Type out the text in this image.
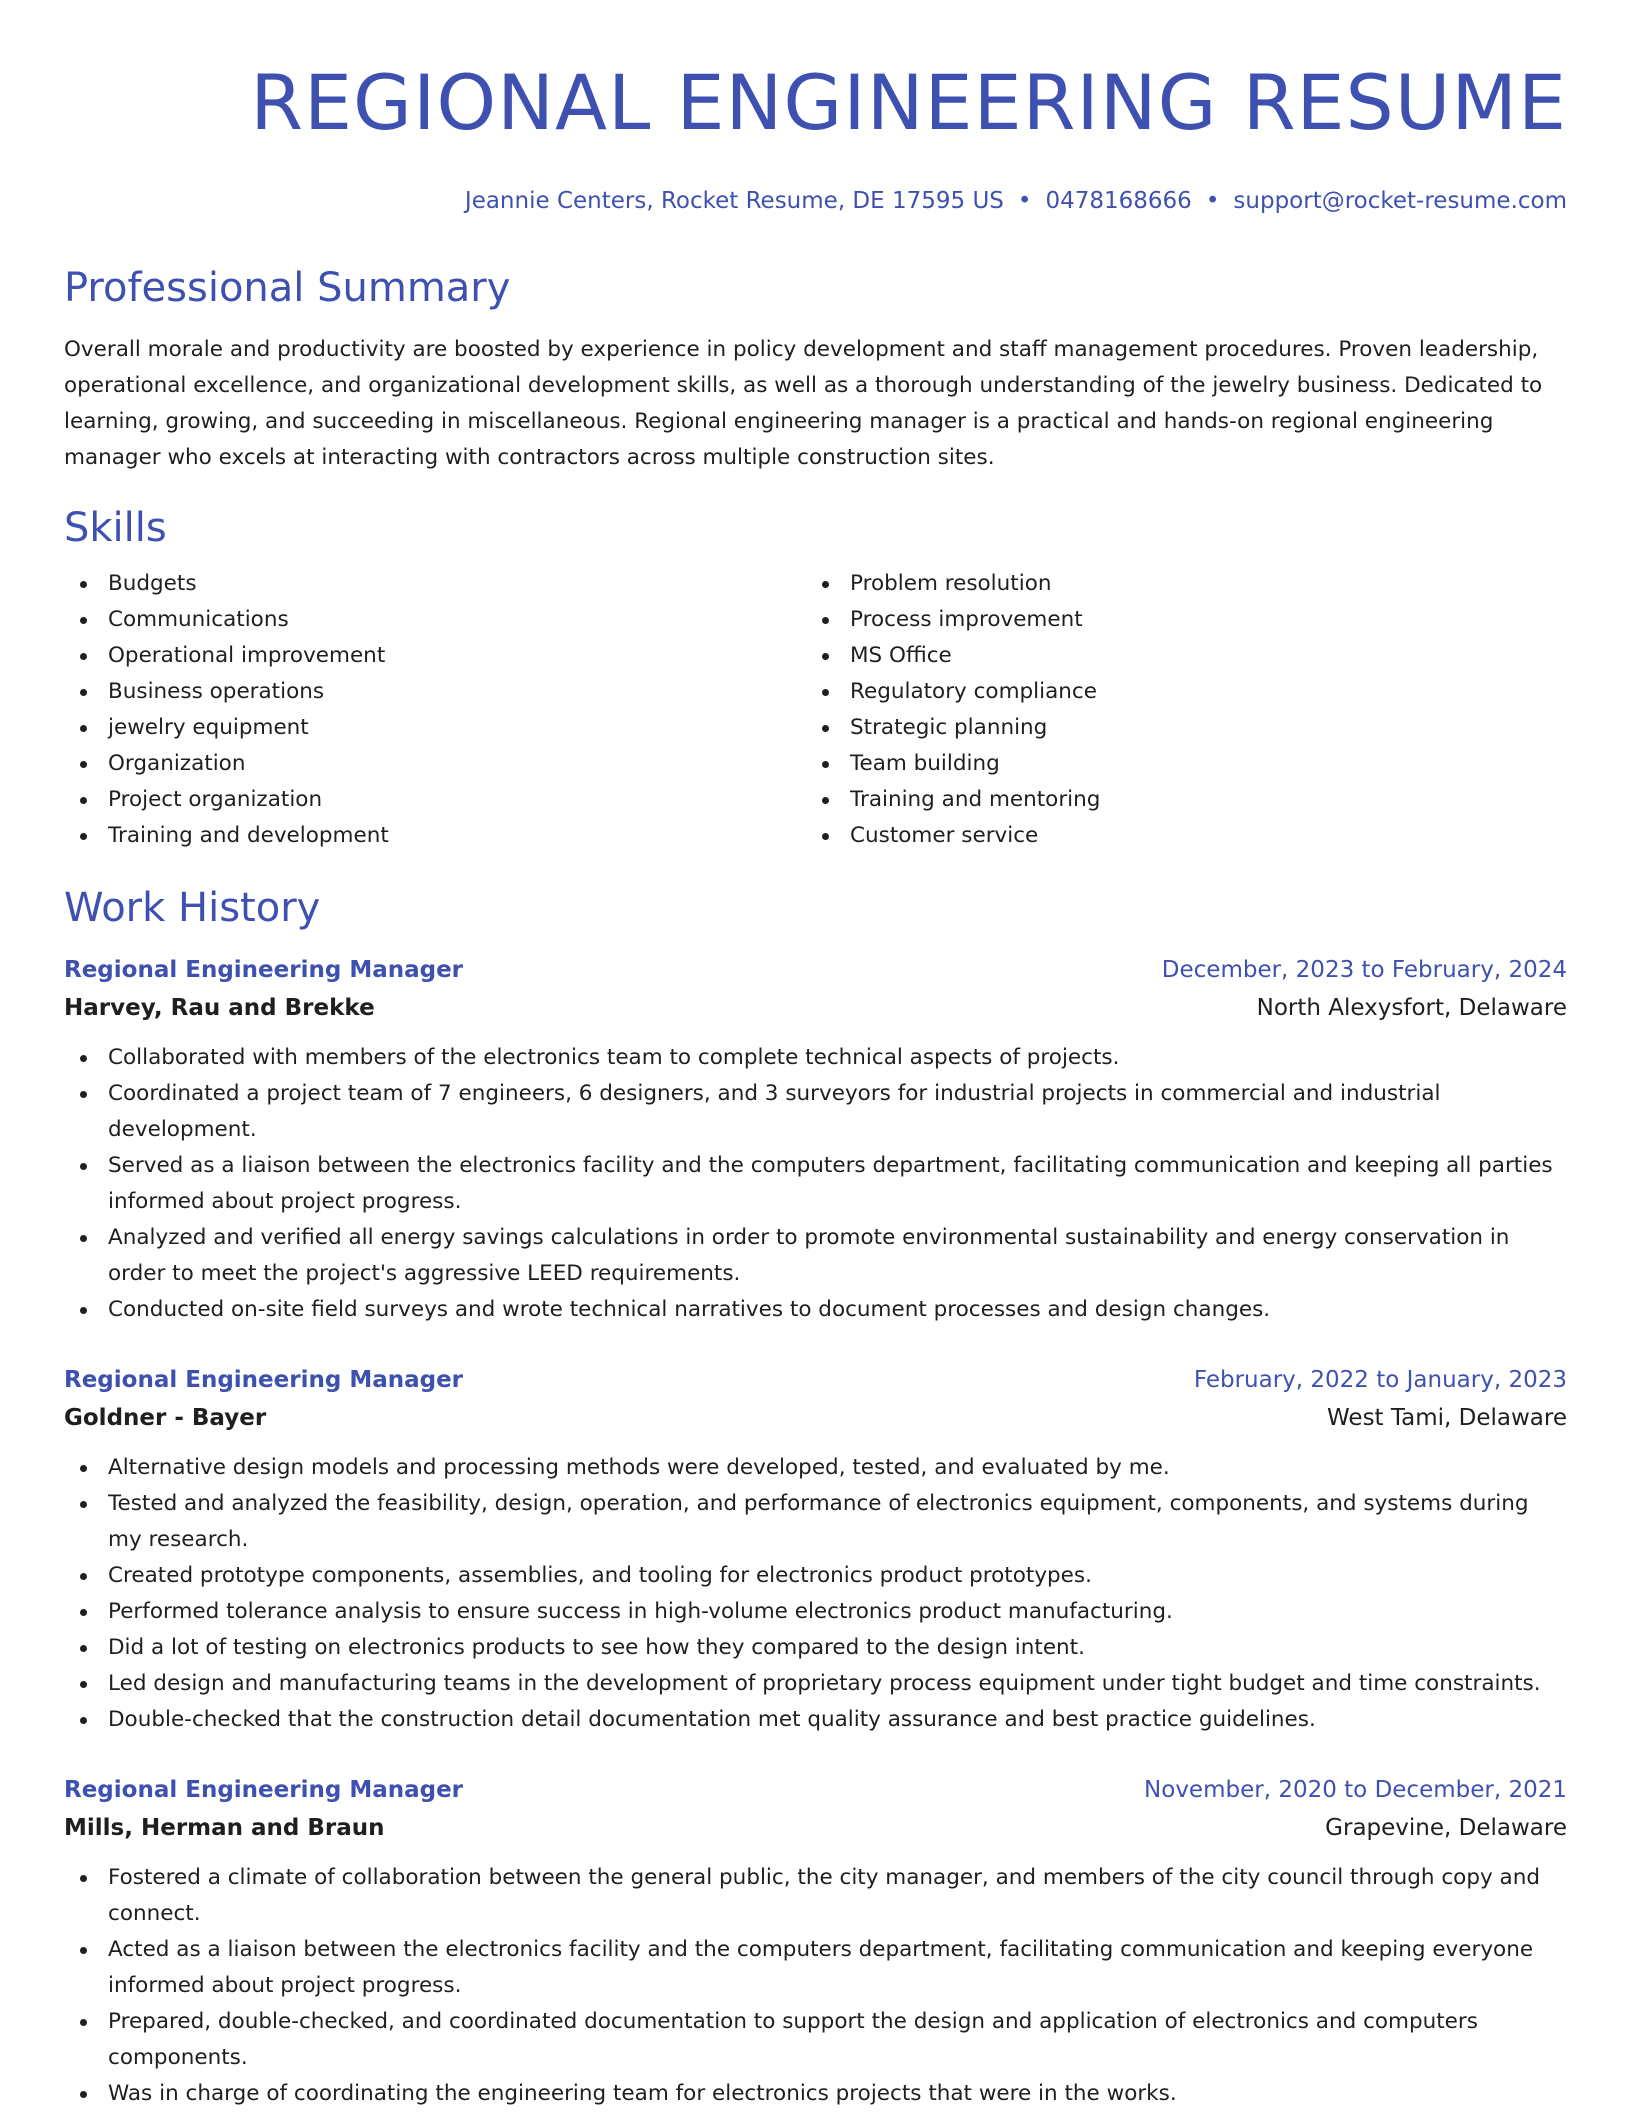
REGIONAL ENGINEERING RESUME
Jeannie Centers, Rocket Resume, DE 17595 US • 0478168666 • support@rocket-resume.com
Professional Summary

Overall morale and productivity are boosted by experience in policy development and staff management procedures. Proven leadership, operational excellence, and organizational development skills, as well as a thorough understanding of the jewelry business. Dedicated to learning, growing, and succeeding in miscellaneous. Regional engineering manager is a practical and hands-on regional engineering manager who excels at interacting with contractors across multiple construction sites.

Skills
Budgets
Communications
Operational improvement
Business operations
jewelry equipment
Organization
Project organization
Training and development
Problem resolution
Process improvement
MS Office
Regulatory compliance
Strategic planning
Team building
Training and mentoring
Customer service
Work History
Regional Engineering Manager	December, 2023 to February, 2024
Harvey, Rau and Brekke	North Alexysfort, Delaware
Collaborated with members of the electronics team to complete technical aspects of projects.
Coordinated a project team of 7 engineers, 6 designers, and 3 surveyors for industrial projects in commercial and industrial development.
Served as a liaison between the electronics facility and the computers department, facilitating communication and keeping all parties informed about project progress.
Analyzed and verified all energy savings calculations in order to promote environmental sustainability and energy conservation in order to meet the project's aggressive LEED requirements.
Conducted on-site field surveys and wrote technical narratives to document processes and design changes.
Regional Engineering Manager	February, 2022 to January, 2023
Goldner - Bayer	West Tami, Delaware
Alternative design models and processing methods were developed, tested, and evaluated by me.
Tested and analyzed the feasibility, design, operation, and performance of electronics equipment, components, and systems during my research.
Created prototype components, assemblies, and tooling for electronics product prototypes.
Performed tolerance analysis to ensure success in high-volume electronics product manufacturing.
Did a lot of testing on electronics products to see how they compared to the design intent.
Led design and manufacturing teams in the development of proprietary process equipment under tight budget and time constraints.
Double-checked that the construction detail documentation met quality assurance and best practice guidelines.
Regional Engineering Manager	November, 2020 to December, 2021
Mills, Herman and Braun	Grapevine, Delaware
Fostered a climate of collaboration between the general public, the city manager, and members of the city council through copy and connect.
Acted as a liaison between the electronics facility and the computers department, facilitating communication and keeping everyone informed about project progress.
Prepared, double-checked, and coordinated documentation to support the design and application of electronics and computers components.
Was in charge of coordinating the engineering team for electronics projects that were in the works.
